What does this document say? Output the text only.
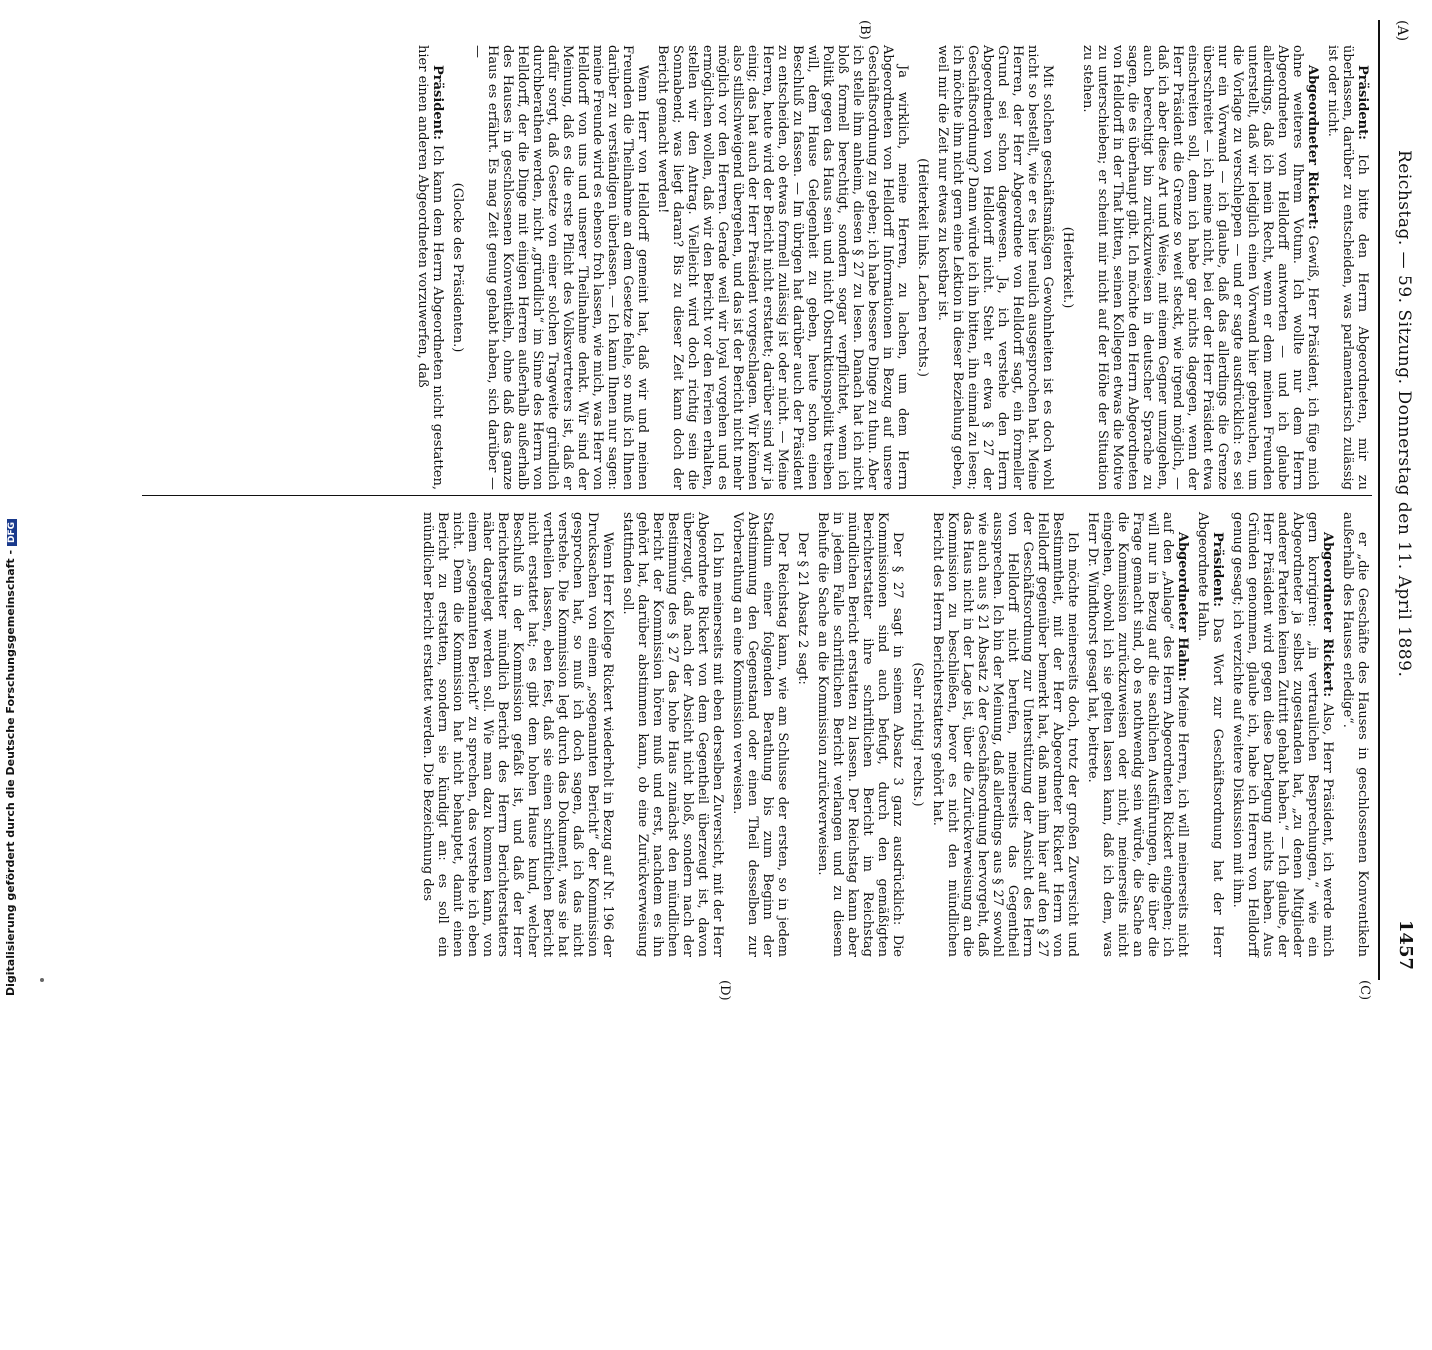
(A)
Reichstag. — 59. Sitzung. Donnerstag den 11. April 1889.
1457
(B)
(C)
(D)

Präsident: Ich bitte den Herrn Abgeordneten, mir zu überlassen, darüber zu entscheiden, was parlamentarisch zulässig ist oder nicht.

Abgeordneter Rickert: Gewiß, Herr Präsident, ich füge mich ohne weiteres Ihrem Votum. Ich wollte nur dem Herrn Abgeordneten von Helldorff antworten — und ich glaube allerdings, daß ich mein Recht, wenn er dem meinen Freunden unterstellt, daß wir lediglich einen Vorwand hier gebrauchen, um die Vorlage zu verschleppen — und er sagte ausdrücklich: es sei nur ein Vorwand — ich glaube, daß das allerdings die Grenze überschreitet — ich meine nicht, bei der der Herr Präsident etwa einschreiten soll, denn ich habe gar nichts dagegen, wenn der Herr Präsident die Grenze so weit steckt, wie irgend möglich, — daß ich aber diese Art und Weise, mit einem Gegner umzugehen, auch berechtigt bin zurückzuweisen in deutscher Sprache zu sagen, die es überhaupt gibt. Ich möchte den Herrn Abgeordneten von Helldorff in der That bitten, seinen Kollegen etwas die Motive zu unterschieben; er scheint mir nicht auf der Höhe der Situation zu stehen.

(Heiterkeit.)

Mit solchen geschäftsmäßigen Gewohnheiten ist es doch wohl nicht so bestellt, wie er es hier neulich ausgesprochen hat. Meine Herren, der Herr Abgeordnete von Helldorff sagt, ein formeller Grund sei schon dagewesen. Ja, ich verstehe den Herrn Abgeordneten von Helldorff nicht. Steht er etwa § 27 der Geschäftsordnung? Dann würde ich ihn bitten, ihn einmal zu lesen; ich möchte ihm nicht gern eine Lektion in dieser Beziehung geben, weil mir die Zeit nur etwas zu kostbar ist.

(Heiterkeit links. Lachen rechts.)

Ja wirklich, meine Herren, zu lachen, um dem Herrn Abgeordneten von Helldorff Informationen in Bezug auf unsere Geschäftsordnung zu geben; ich habe bessere Dinge zu thun. Aber ich stelle ihm anheim, diesen § 27 zu lesen. Danach hat ich nicht bloß formell berechtigt, sondern sogar verpflichtet, wenn ich Politik gegen das Haus sein und nicht Obstruktionspolitik treiben will, dem Hause Gelegenheit zu geben, heute schon einen Beschluß zu fassen. — Im übrigen hat darüber auch der Präsident zu entscheiden, ob etwas formell zulässig ist oder nicht. — Meine Herren, heute wird der Bericht nicht erstattet; darüber sind wir ja einig; das hat auch der Herr Präsident vorgeschlagen. Wir können also stillschweigend übergehen, und das ist der Bericht nicht mehr möglich vor den Herren. Gerade weil wir loyal vorgehen und es ermöglichen wollen, daß wir den Bericht vor den Ferien erhalten, stellen wir den Antrag. Vielleicht wird doch richtig sein die Sonnabend; was liegt daran? Bis zu dieser Zeit kann doch der Bericht gemacht werden!

Wenn Herr von Helldorff gemeint hat, daß wir und meinen Freunden die Theilnahme an dem Gesetze fehle, so muß ich Ihnen darüber zu verständigen überlassen. — Ich kann Ihnen nur sagen: meine Freunde wird es ebenso froh lassen, wie mich, was Herr von Helldorff von uns und unserer Theilnahme denkt. Wir sind der Meinung, daß es die erste Pflicht des Volksvertreters ist, daß er dafür sorgt, daß Gesetze von einer solchen Tragweite gründlich durchberathen werden, nicht „gründlich“ im Sinne des Herrn von Helldorff, der die Dinge mit einigen Herren außerhalb außerhalb des Hauses in geschlossenen Konventikeln, ohne daß das ganze Haus es erfährt. Es mag Zeit genug gehabt haben, sich darüber — —

(Glocke des Präsidenten.)

Präsident: Ich kann dem Herrn Abgeordneten nicht gestatten, hier einen anderen Abgeordneten vorzuwerfen, daß

er „die Geschäfte des Hauses in geschlossenen Konventikeln außerhalb des Hauses erledige“.

Abgeordneter Rickert: Also, Herr Präsident, ich werde mich gern korrigiren: „in vertraulichen Besprechungen,“ wie ein Abgeordneter ja selbst zugestanden hat, „zu denen Mitglieder anderer Parteien keinen Zutritt gehabt haben.“ — Ich glaube, der Herr Präsident wird gegen diese Darlegung nichts haben. Aus Gründen genommen, glaube ich, habe ich Herren von Helldorff genug gesagt; ich verzichte auf weitere Diskussion mit ihm.

Präsident: Das Wort zur Geschäftsordnung hat der Herr Abgeordnete Hahn.

Abgeordneter Hahn: Meine Herren, ich will meinerseits nicht auf den „Anlage“ des Herrn Abgeordneten Rickert eingehen; ich will nur in Bezug auf die sachlichen Ausführungen, die über die Frage gemacht sind, ob es nothwendig sein würde, die Sache an die Kommission zurückzuweisen oder nicht, meinerseits nicht eingehen, obwohl ich sie gelten lassen kann, daß ich dem, was Herr Dr. Windthorst gesagt hat, beitrete.

Ich möchte meinerseits doch, trotz der großen Zuversicht und Bestimmtheit, mit der Herr Abgeordneter Rickert Herrn von Helldorff gegenüber bemerkt hat, daß man ihm hier auf den § 27 der Geschäftsordnung zur Unterstützung der Ansicht des Herrn von Helldorff nicht berufen, meinerseits das Gegentheil aussprechen. Ich bin der Meinung, daß allerdings aus § 27 sowohl wie auch aus § 21 Absatz 2 der Geschäftsordnung hervorgeht, daß das Haus nicht in der Lage ist, über die Zurückverweisung an die Kommission zu beschließen, bevor es nicht den mündlichen Bericht des Herrn Berichterstatters gehört hat.

(Sehr richtig! rechts.)

Der § 27 sagt in seinem Absatz 3 ganz ausdrücklich: Die Kommissionen sind auch befugt, durch den gemäßigten Berichterstatter ihre schriftlichen Bericht im Reichstag mündlichen Bericht erstatten zu lassen. Der Reichstag kann aber in jedem Falle schriftlichen Bericht verlangen und zu diesem Behufe die Sache an die Kommission zurückverweisen.

Der § 21 Absatz 2 sagt:

Der Reichstag kann, wie am Schlusse der ersten, so in jedem Stadium einer folgenden Berathung bis zum Beginn der Abstimmung den Gegenstand oder einen Theil desselben zur Vorberathung an eine Kommission verweisen.

Ich bin meinerseits mit eben derselben Zuversicht, mit der Herr Abgeordnete Rickert von dem Gegentheil überzeugt ist, davon überzeugt, daß nach der Absicht nicht bloß, sondern nach der Bestimmung des § 27 das hohe Haus zunächst den mündlichen Bericht der Kommission hören muß und erst, nachdem es ihn gehört hat, darüber abstimmen kann, ob eine Zurückverweisung stattfinden soll.

Wenn Herr Kollege Rickert wiederholt in Bezug auf Nr. 196 der Drucksachen von einem „sogenannten Bericht“ der Kommission gesprochen hat, so muß ich doch sagen, daß ich das nicht verstehe. Die Kommission legt durch das Dokument, was sie hat vertheilen lassen, eben fest, daß sie einen schriftlichen Bericht nicht erstattet hat; es gibt dem hohen Hause kund, welcher Beschluß in der Kommission gefaßt ist, und daß der Herr Berichterstatter mündlich Bericht des Herrn Berichterstatters näher dargelegt werden soll. Wie man dazu kommen kann, von einem „sogenannten Bericht“ zu sprechen, das verstehe ich eben nicht. Denn die Kommission hat nicht behauptet, damit einen Bericht zu erstatten, sondern sie kündigt an: es soll ein mündlicher Bericht erstattet werden. Die Bezeichnung des

Digitalisierung gefördert durch die Deutsche Forschungsgemeinschaft -DFG
